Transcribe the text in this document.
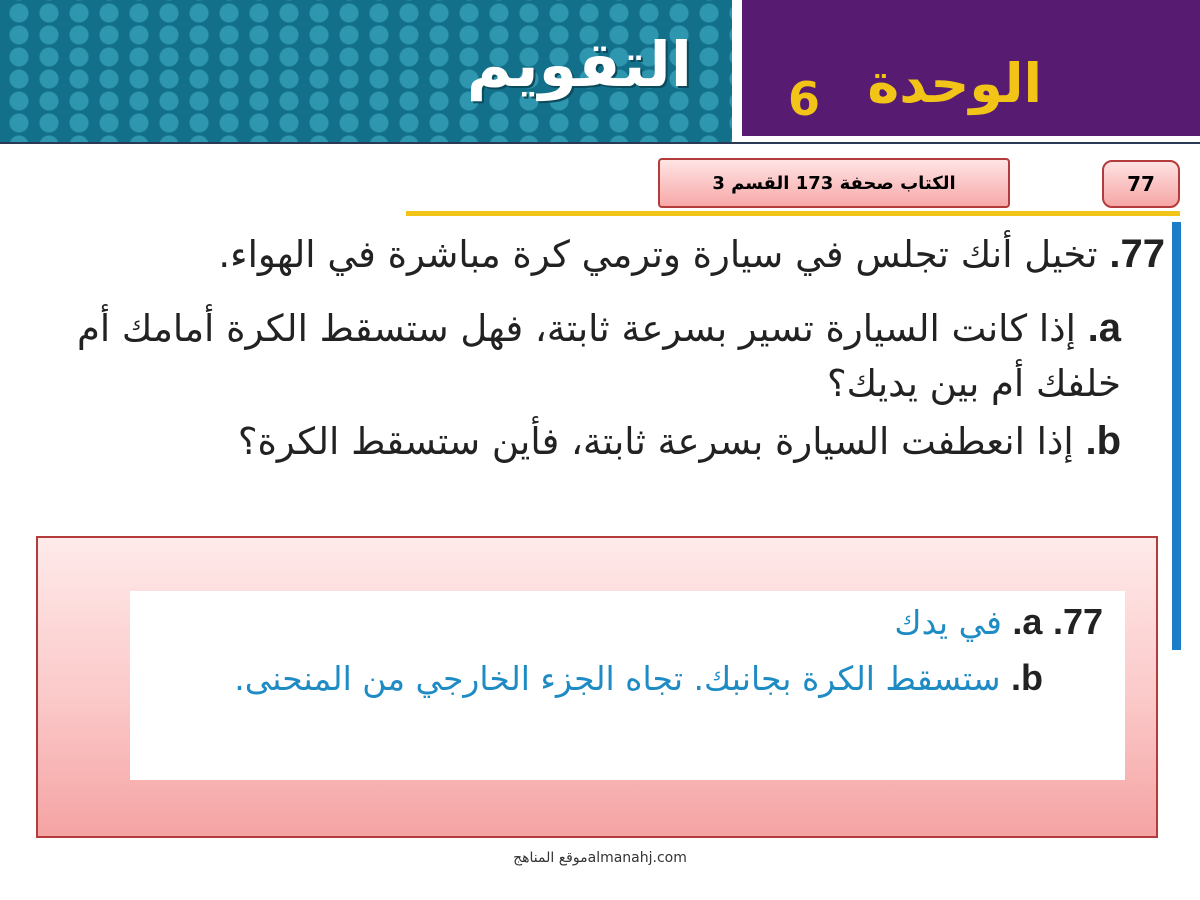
التقويم	الوحدة
6
77
الكتاب صحفة 173 القسم 3

77. تخيل أنك تجلس في سيارة وترمي كرة مباشرة في الهواء.

a. إذا كانت السيارة تسير بسرعة ثابتة، فهل ستسقط الكرة أمامك أم خلفك أم بين يديك؟

b. إذا انعطفت السيارة بسرعة ثابتة، فأين ستسقط الكرة؟

77. a. في يدك

b. ستسقط الكرة بجانبك. تجاه الجزء الخارجي من المنحنى.

موقع المناهجalmanahj.com
